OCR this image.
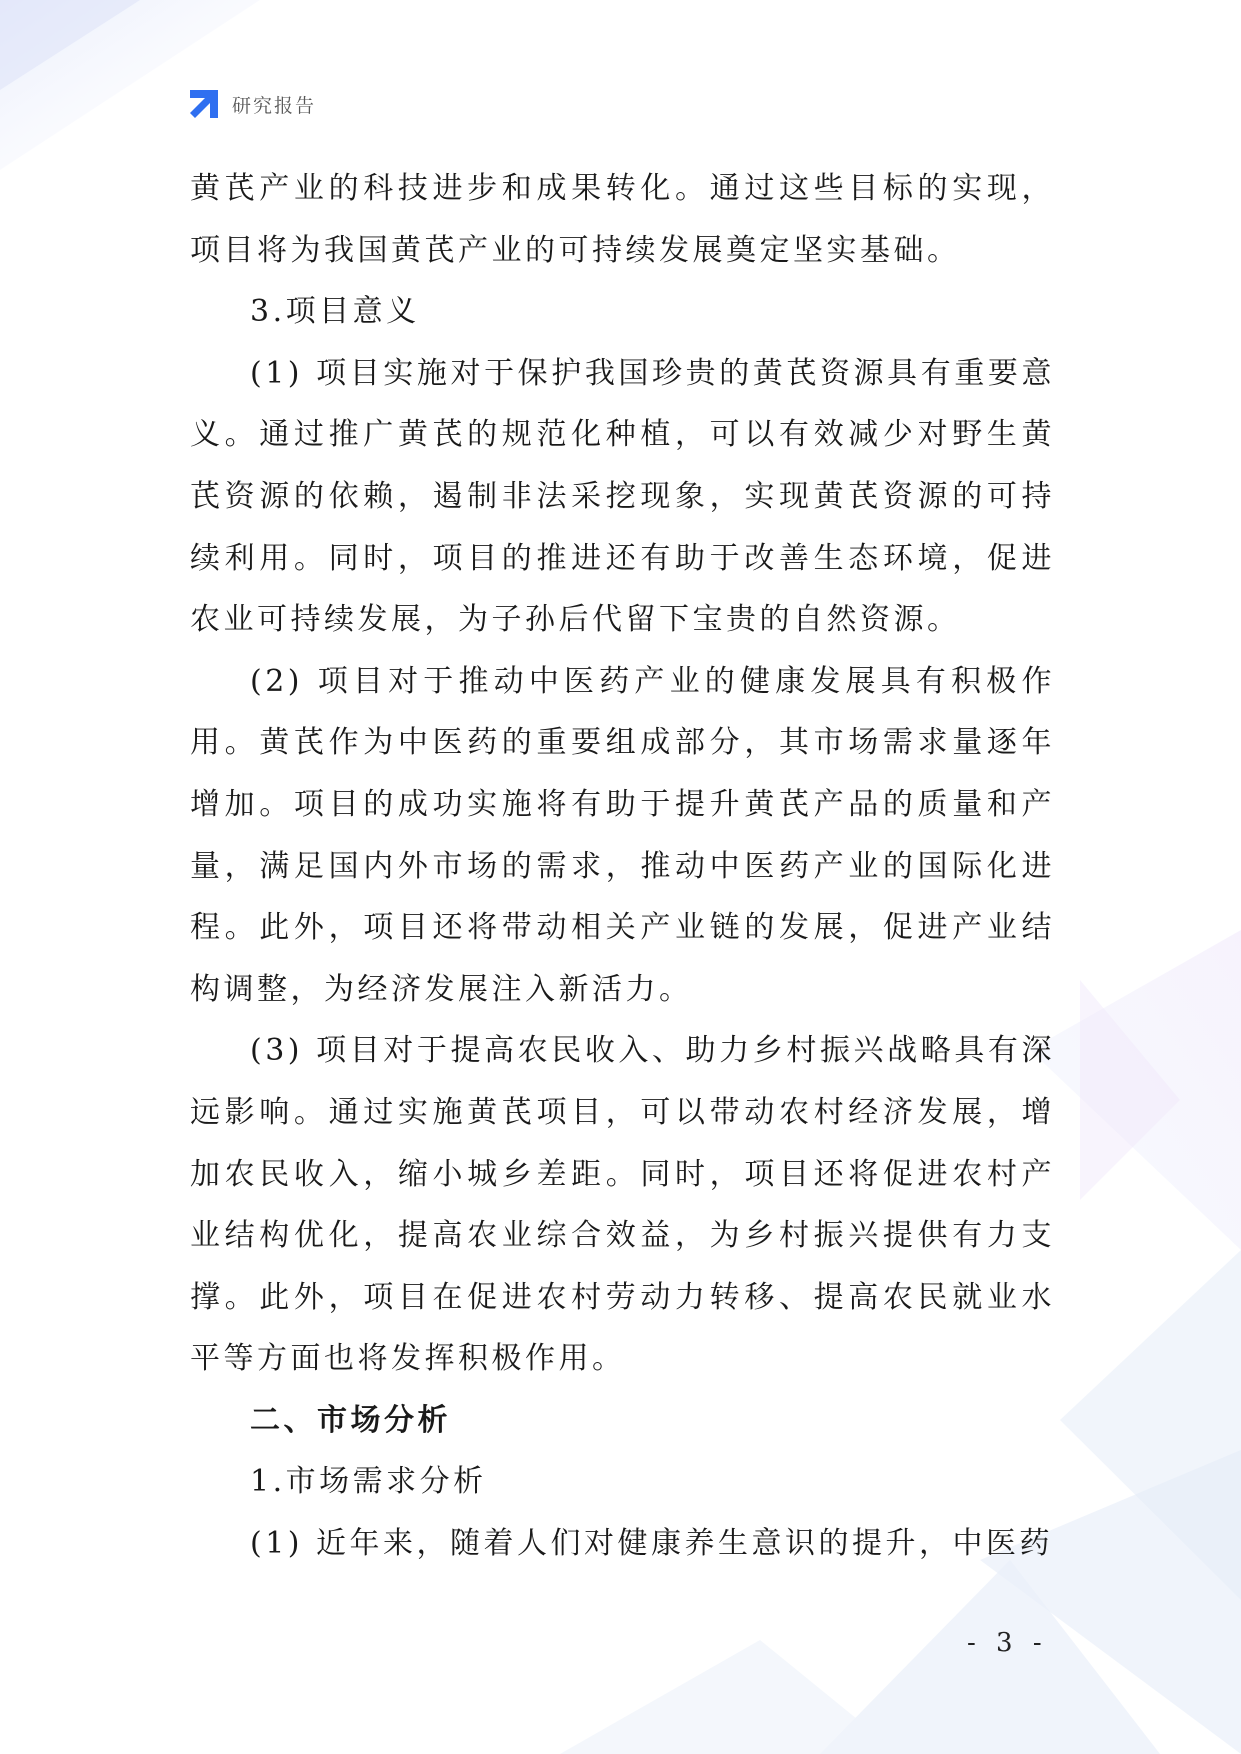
研究报告

黄芪产业的科技进步和成果转化。通过这些目标的实现，项目将为我国黄芪产业的可持续发展奠定坚实基础。

3.项目意义

(1) 项目实施对于保护我国珍贵的黄芪资源具有重要意义。通过推广黄芪的规范化种植，可以有效减少对野生黄芪资源的依赖，遏制非法采挖现象，实现黄芪资源的可持续利用。同时，项目的推进还有助于改善生态环境，促进农业可持续发展，为子孙后代留下宝贵的自然资源。

(2) 项目对于推动中医药产业的健康发展具有积极作用。黄芪作为中医药的重要组成部分，其市场需求量逐年增加。项目的成功实施将有助于提升黄芪产品的质量和产量，满足国内外市场的需求，推动中医药产业的国际化进程。此外，项目还将带动相关产业链的发展，促进产业结构调整，为经济发展注入新活力。

(3) 项目对于提高农民收入、助力乡村振兴战略具有深远影响。通过实施黄芪项目，可以带动农村经济发展，增加农民收入，缩小城乡差距。同时，项目还将促进农村产业结构优化，提高农业综合效益，为乡村振兴提供有力支撑。此外，项目在促进农村劳动力转移、提高农民就业水平等方面也将发挥积极作用。

二、市场分析

1.市场需求分析

(1) 近年来，随着人们对健康养生意识的提升，中医药

- 3 -
